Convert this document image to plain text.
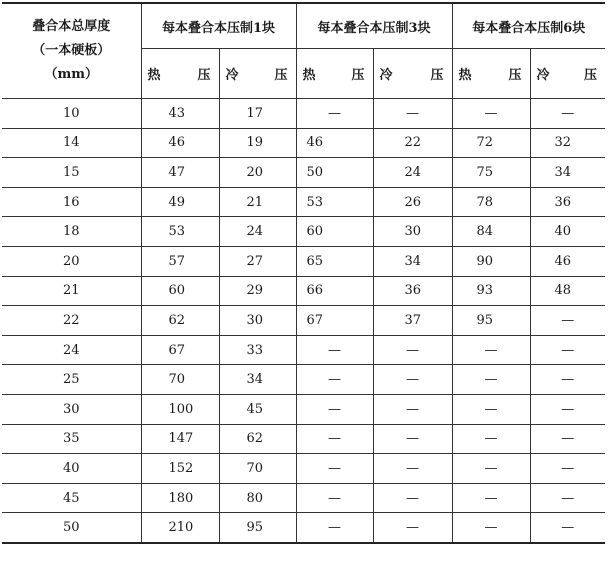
叠合本总厚度
（一本硬板）
（mm）	每本叠合本压制1块		每本叠合本压制3块		每本叠合本压制6块	

	热 压	冷 压	热 压	冷 压	热 压	冷 压

10	43	17	—	—	—	—
14	46	19	46	22	72	32
15	47	20	50	24	75	34
16	49	21	53	26	78	36
18	53	24	60	30	84	40
20	57	27	65	34	90	46
21	60	29	66	36	93	48
22	62	30	67	37	95	—
24	67	33	—	—	—	—
25	70	34	—	—	—	—
30	100	45	—	—	—	—
35	147	62	—	—	—	—
40	152	70	—	—	—	—
45	180	80	—	—	—	—
50	210	95	—	—	—	—
